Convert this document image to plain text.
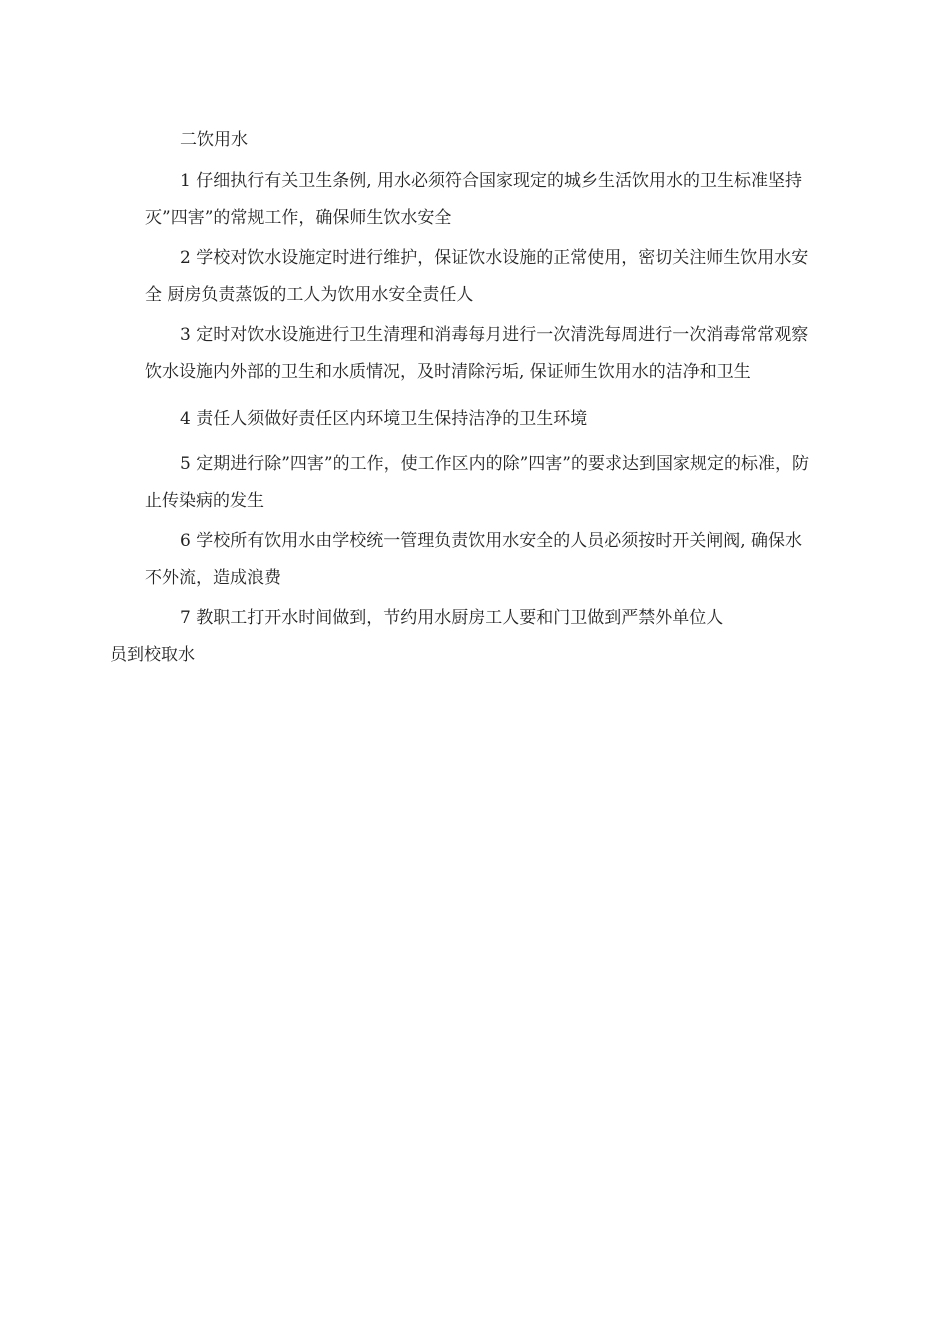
二饮用水

1 仔细执行有关卫生条例, 用水必须符合国家现定的城乡生活饮用水的卫生标准坚持灭”四害”的常规工作，确保师生饮水安全

2 学校对饮水设施定时进行维护，保证饮水设施的正常使用，密切关注师生饮用水安全 厨房负责蒸饭的工人为饮用水安全责任人

3 定时对饮水设施进行卫生清理和消毒每月进行一次清洗每周进行一次消毒常常观察饮水设施内外部的卫生和水质情况，及时清除污垢, 保证师生饮用水的洁净和卫生

4 责任人须做好责任区内环境卫生保持洁净的卫生环境

5 定期进行除”四害”的工作，使工作区内的除”四害”的要求达到国家规定的标准，防止传染病的发生

6 学校所有饮用水由学校统一管理负责饮用水安全的人员必须按时开关闸阀, 确保水不外流，造成浪费

7 教职工打开水时间做到，节约用水厨房工人要和门卫做到严禁外单位人
员到校取水
